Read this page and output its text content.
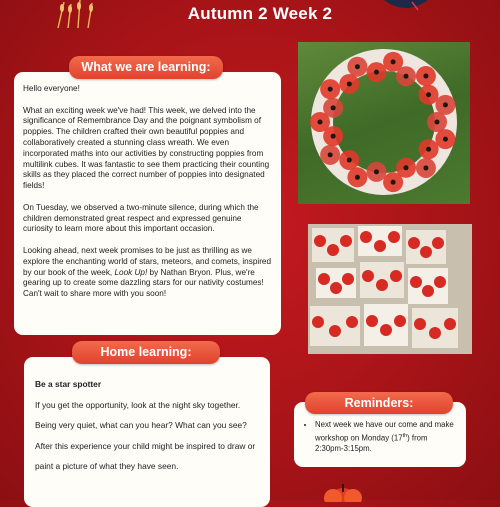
Autumn 2 Week 2

Hello everyone!

What an exciting week we've had! This week, we delved into the significance of Remembrance Day and the poignant symbolism of poppies. The children crafted their own beautiful poppies and collaboratively created a stunning class wreath. We even incorporated maths into our activities by constructing poppies from multilink cubes. It was fantastic to see them practicing their counting skills as they placed the correct number of poppies into designated fields!

On Tuesday, we observed a two-minute silence, during which the children demonstrated great respect and expressed genuine curiosity to learn more about this important occasion.

Looking ahead, next week promises to be just as thrilling as we explore the enchanting world of stars, meteors, and comets, inspired by our book of the week, Look Up! by Nathan Bryon. Plus, we're gearing up to create some dazzling stars for our nativity costumes! Can't wait to share more with you soon!

What we are learning:
Be a star spotter
If you get the opportunity, look at the night sky together. Being very quiet, what can you hear? What can you see? After this experience your child might be inspired to draw or paint a picture of what they have seen.
Home learning:
• Next week we have our come and make workshop on Monday (17th) from 2:30pm-3:15pm.
Reminders:
